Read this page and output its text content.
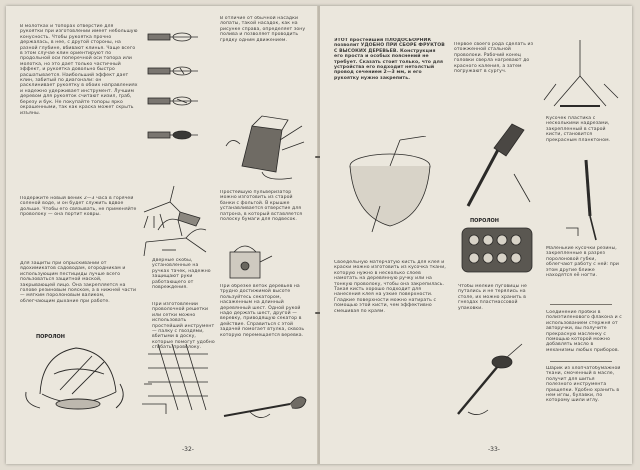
В молотках и топорах отверстие для рукоятки при изготовлении имеет небольшую конусность. Чтобы рукоятка прочно держалась, в нее, с другой стороны, на разной глубине, вбивают клинья. Чаще всего в этом случае клин ориентируют по продольной оси поперечной оси топора или молотка, но это дает только частичный эффект, и рукоятка довольно быстро расшатывается. Наибольший эффект дает клин, забитый по диагонали: он расклинивает рукоятку в обоих направлениях и надежно удерживает инструмент. Лучшим деревом для рукояток считают кизил, граб, березу и бук. Не покупайте топоры ярко окрашенными, так как краска может скрыть изъяны.
Подержите новый веник 2—3 часа в горячей соленой воде, и он будет служить вдвое дольше. Чтобы его связывать, не применяйте проволоку — она портит ковры.
Для защиты при опрыскивании от ядохимикатов садоводам, огородникам и использующим пестициды лучше всего пользоваться защитной маской, закрывающей лицо. Она закрепляется на голове резиновым пояском, а в нижней части — мягким поролоновым валиком, облегчающим дыхание при работе.
ПОРОЛОН
В отличие от обычной насадки лопаты, такой насадок, как на рисунке справа, определяет зону полива и позволяет проводить грядку одним движением.
Простейшую пульверизатор можно изготовить из старой банки с фольгой. В крышке устанавливается отверстие для патрона, в который вставляется полоску бумаги для подвесок.
Дверные скобы, установленные на ручках тачек, надежно защищают руки работающего от повреждения.
При изготовлении проволочной решетки или сетки можно использовать простейший инструмент — палку с гвоздями, вбитыми в доску, которые помогут удобно сгибать проволоку.
При обрезке веток деревьев на трудно достижимой высоте пользуйтесь секатором, насаженным на длинный деревянный шест. Одной рукой надо держать шест, другой — веревку, приводящую секатор в действие. Справиться с этой задачей помогает втулка, сквозь которую перемещается веревка.
-32-
ЭТОТ простейший ПЛОДОСБОРНИК позволит УДОБНО ПРИ СБОРЕ ФРУКТОВ С ВЫСОКИХ ДЕРЕВЬЕВ. Конструкция его проста и особых пояснений не требует. Сказать стоит только, что для устройства его подходит нетолстый провод сечением 2—3 мм, и его рукоятку нужно закрепить.
Своедельную матерчатую кисть для клея и краски можно изготовить из кусочка ткани, которую нужно в несколько слоев намотать на деревянную ручку или на тонкую проволоку, чтобы она закрепилась. Такая кисть хорошо подходит для нанесения клея на узкие поверхности. Гладкие поверхности можно натирать с помощью этой кисти, чем эффективно смешивая по краям.
Первое своего рода сделать из отожженной стальной проволоки. Рабочий конец головки сверла нагревают до красного каления, а затем погружают в сургуч.
Кусочек пластика с несколькими надрезами, закрепленный в старой кисти, становится прекрасным планктоном.
ПОРОЛОН
Чтобы мелкие пуговицы не путались и не терялись на столе, их можно хранить в гнездах пластмассовой упаковки.
Маленькие кусочки резины, закрепленные в разрез поролоновой губки, облегчают работу с ней: при этом другие ближе находятся её ногти.
Соединение пробки в полиэтиленового флакона и с использованием стержня от авторучки, вы получите прекрасную масленку с помощью которой можно добавлять масло в механизмы любых приборов.
Шарик из хлопчатобумажной ткани, смоченный в масле, получит для шитья полезного инструмента прищепки. Удобно хранить в нем иглы, булавки, по которому шили иглу.
-33-
